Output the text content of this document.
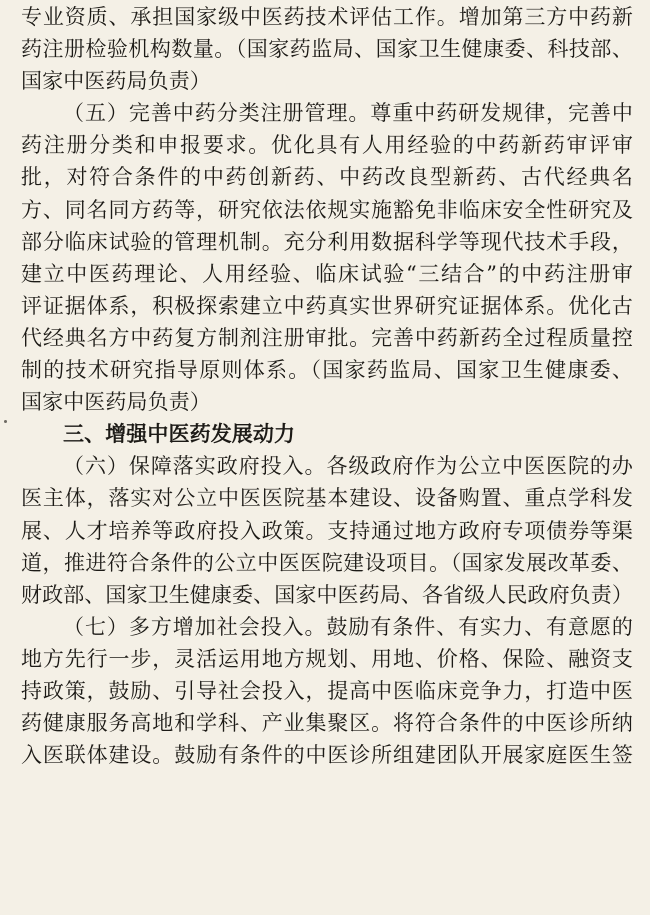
专业资质、承担国家级中医药技术评估工作。增加第三方中药新
药注册检验机构数量。（国家药监局、国家卫生健康委、科技部、
国家中医药局负责）
（五）完善中药分类注册管理。尊重中药研发规律，完善中
药注册分类和申报要求。优化具有人用经验的中药新药审评审
批，对符合条件的中药创新药、中药改良型新药、古代经典名
方、同名同方药等，研究依法依规实施豁免非临床安全性研究及
部分临床试验的管理机制。充分利用数据科学等现代技术手段，
建立中医药理论、人用经验、临床试验“三结合”的中药注册审
评证据体系，积极探索建立中药真实世界研究证据体系。优化古
代经典名方中药复方制剂注册审批。完善中药新药全过程质量控
制的技术研究指导原则体系。（国家药监局、国家卫生健康委、
国家中医药局负责）
三、增强中医药发展动力
（六）保障落实政府投入。各级政府作为公立中医医院的办
医主体，落实对公立中医医院基本建设、设备购置、重点学科发
展、人才培养等政府投入政策。支持通过地方政府专项债券等渠
道，推进符合条件的公立中医医院建设项目。（国家发展改革委、
财政部、国家卫生健康委、国家中医药局、各省级人民政府负责）
（七）多方增加社会投入。鼓励有条件、有实力、有意愿的
地方先行一步，灵活运用地方规划、用地、价格、保险、融资支
持政策，鼓励、引导社会投入，提高中医临床竞争力，打造中医
药健康服务高地和学科、产业集聚区。将符合条件的中医诊所纳
入医联体建设。鼓励有条件的中医诊所组建团队开展家庭医生签
